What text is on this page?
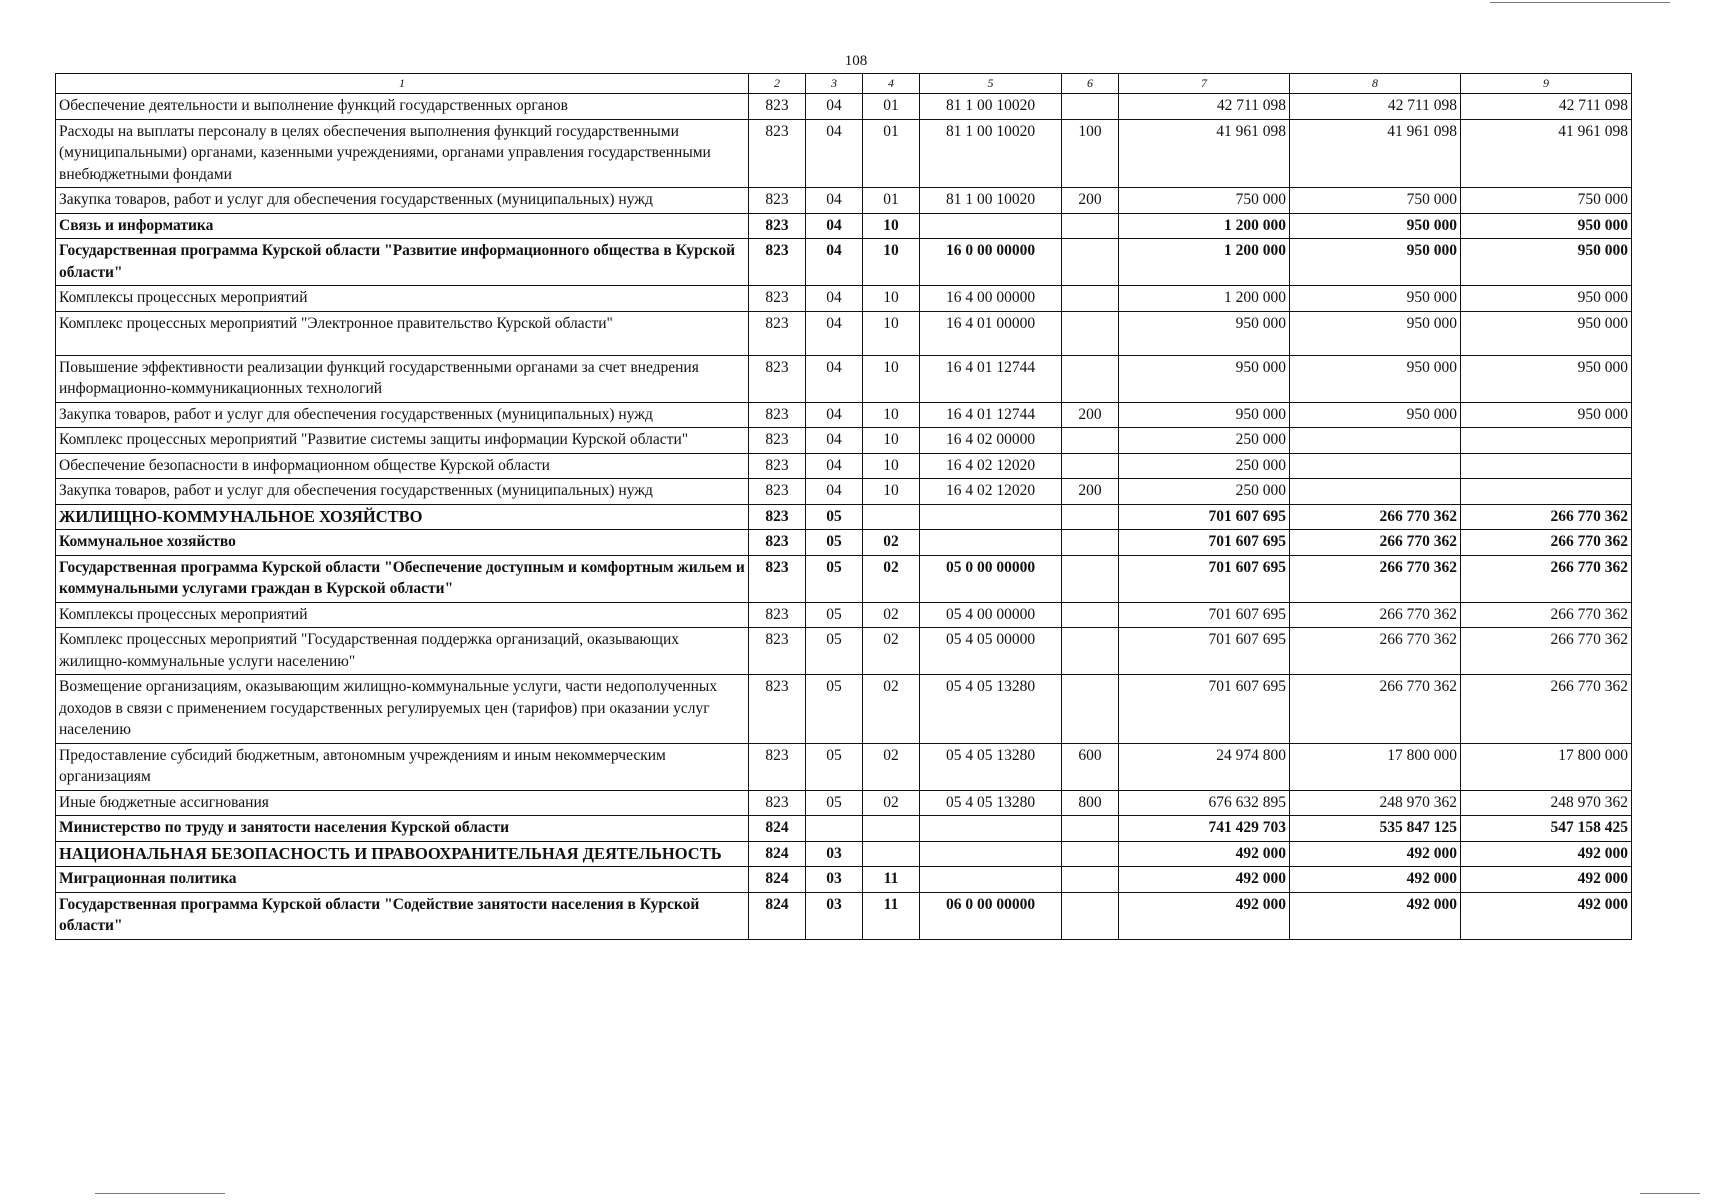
108
1	2	3	4	5	6	7	8	9
Обеспечение деятельности и выполнение функций государственных органов	823	04	01	81 1 00 10020		42 711 098	42 711 098	42 711 098
Расходы на выплаты персоналу в целях обеспечения выполнения функций государственными (муниципальными) органами, казенными учреждениями, органами управления государственными внебюджетными фондами	823	04	01	81 1 00 10020	100	41 961 098	41 961 098	41 961 098
Закупка товаров, работ и услуг для обеспечения государственных (муниципальных) нужд	823	04	01	81 1 00 10020	200	750 000	750 000	750 000
Связь и информатика	823	04	10			1 200 000	950 000	950 000
Государственная программа Курской области "Развитие информационного общества в Курской области"	823	04	10	16 0 00 00000		1 200 000	950 000	950 000
Комплексы процессных мероприятий	823	04	10	16 4 00 00000		1 200 000	950 000	950 000
Комплекс процессных мероприятий "Электронное правительство Курской области"	823	04	10	16 4 01 00000		950 000	950 000	950 000
Повышение эффективности реализации функций государственными органами за счет внедрения информационно-коммуникационных технологий	823	04	10	16 4 01 12744		950 000	950 000	950 000
Закупка товаров, работ и услуг для обеспечения государственных (муниципальных) нужд	823	04	10	16 4 01 12744	200	950 000	950 000	950 000
Комплекс процессных мероприятий "Развитие системы защиты информации Курской области"	823	04	10	16 4 02 00000		250 000		
Обеспечение безопасности в информационном обществе Курской области	823	04	10	16 4 02 12020		250 000		
Закупка товаров, работ и услуг для обеспечения государственных (муниципальных) нужд	823	04	10	16 4 02 12020	200	250 000		
ЖИЛИЩНО-КОММУНАЛЬНОЕ ХОЗЯЙСТВО	823	05				701 607 695	266 770 362	266 770 362
Коммунальное хозяйство	823	05	02			701 607 695	266 770 362	266 770 362
Государственная программа Курской области "Обеспечение доступным и комфортным жильем и коммунальными услугами граждан в Курской области"	823	05	02	05 0 00 00000		701 607 695	266 770 362	266 770 362
Комплексы процессных мероприятий	823	05	02	05 4 00 00000		701 607 695	266 770 362	266 770 362
Комплекс процессных мероприятий "Государственная поддержка организаций, оказывающих жилищно-коммунальные услуги населению"	823	05	02	05 4 05 00000		701 607 695	266 770 362	266 770 362
Возмещение организациям, оказывающим жилищно-коммунальные услуги, части недополученных доходов в связи с применением государственных регулируемых цен (тарифов) при оказании услуг населению	823	05	02	05 4 05 13280		701 607 695	266 770 362	266 770 362
Предоставление субсидий бюджетным, автономным учреждениям и иным некоммерческим организациям	823	05	02	05 4 05 13280	600	24 974 800	17 800 000	17 800 000
Иные бюджетные ассигнования	823	05	02	05 4 05 13280	800	676 632 895	248 970 362	248 970 362
Министерство по труду и занятости населения Курской области	824					741 429 703	535 847 125	547 158 425
НАЦИОНАЛЬНАЯ БЕЗОПАСНОСТЬ И ПРАВООХРАНИТЕЛЬНАЯ ДЕЯТЕЛЬНОСТЬ	824	03				492 000	492 000	492 000
Миграционная политика	824	03	11			492 000	492 000	492 000
Государственная программа Курской области "Содействие занятости населения в Курской области"	824	03	11	06 0 00 00000		492 000	492 000	492 000
